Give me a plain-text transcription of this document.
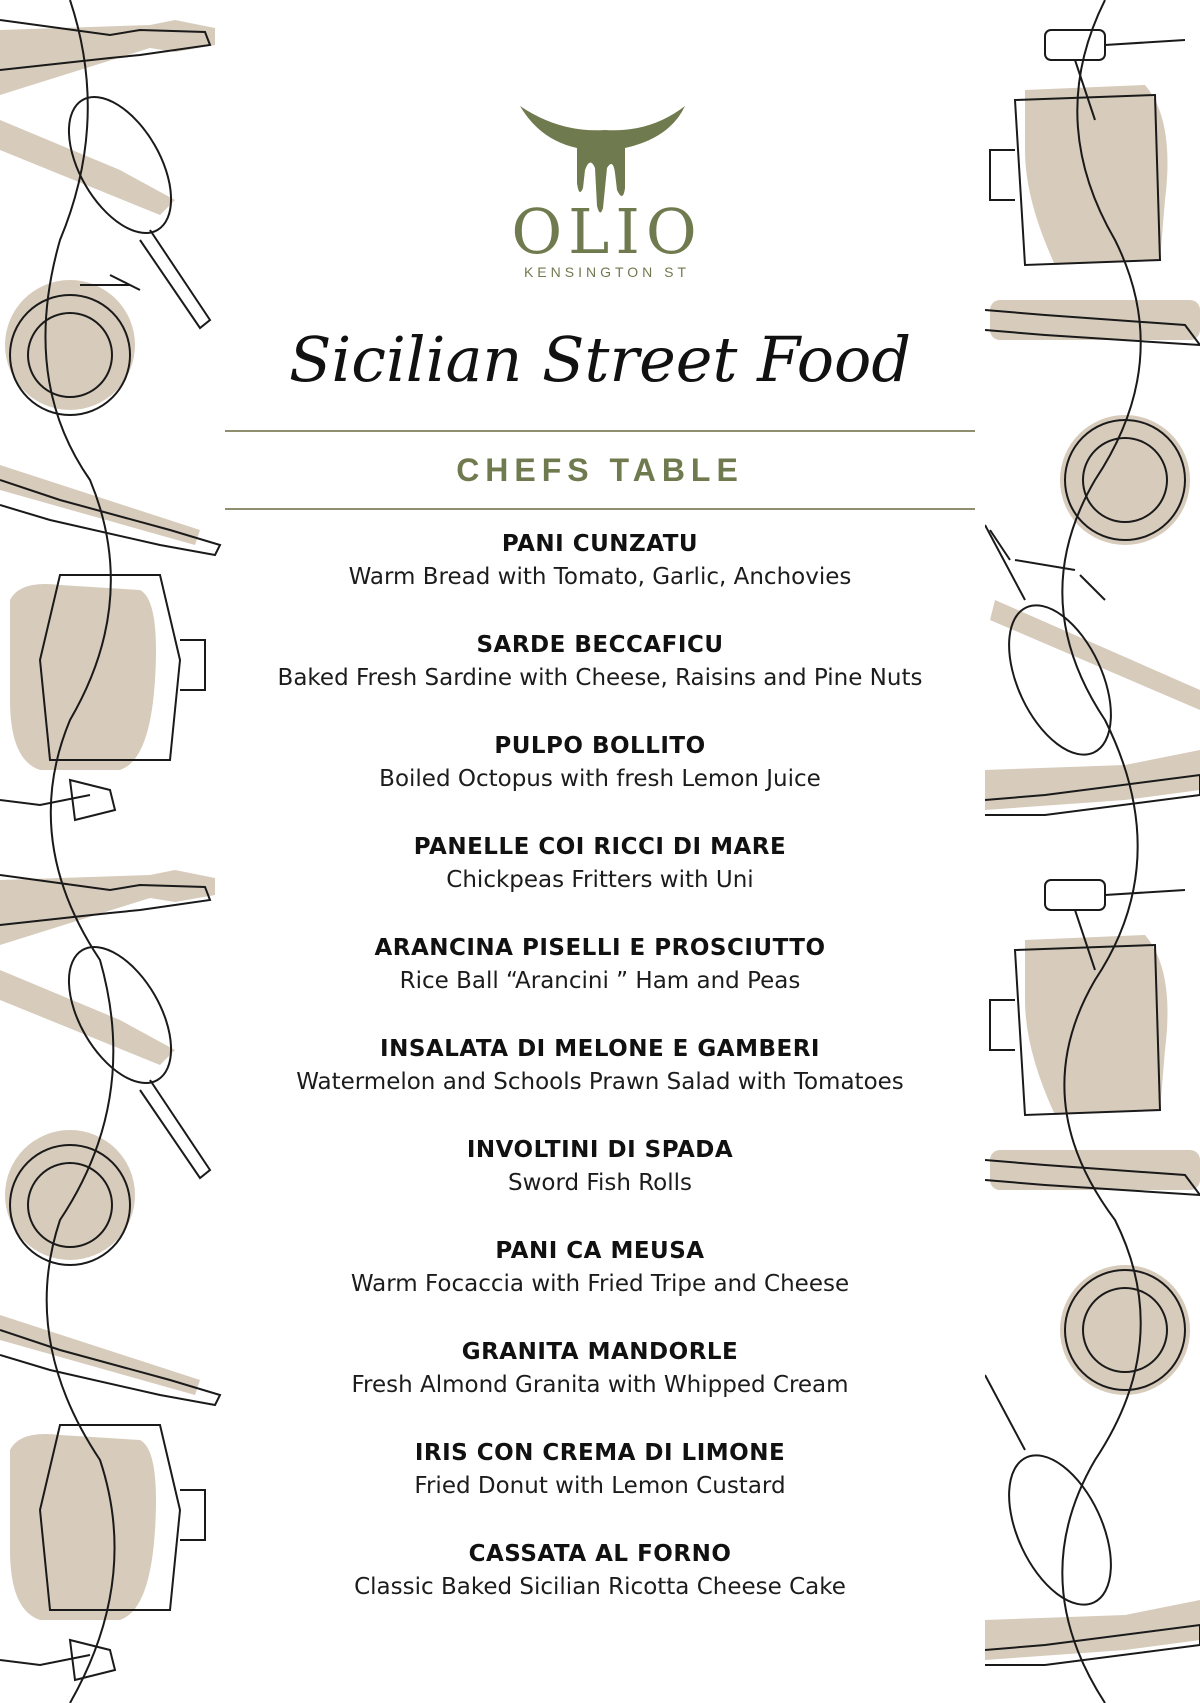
OLIO
KENSINGTON ST
Sicilian Street Food
CHEFS TABLE
PANI CUNZATU
Warm Bread with Tomato, Garlic, Anchovies
SARDE BECCAFICU
Baked Fresh Sardine with Cheese, Raisins and Pine Nuts
PULPO BOLLITO
Boiled Octopus with fresh Lemon Juice
PANELLE COI RICCI DI MARE
Chickpeas Fritters with Uni
ARANCINA PISELLI E PROSCIUTTO
Rice Ball “Arancini ” Ham and Peas
INSALATA DI MELONE E GAMBERI
Watermelon and Schools Prawn Salad with Tomatoes
INVOLTINI DI SPADA
Sword Fish Rolls
PANI CA MEUSA
Warm Focaccia with Fried Tripe and Cheese
GRANITA MANDORLE
Fresh Almond Granita with Whipped Cream
IRIS CON CREMA DI LIMONE
Fried Donut with Lemon Custard
CASSATA AL FORNO
Classic Baked Sicilian Ricotta Cheese Cake
